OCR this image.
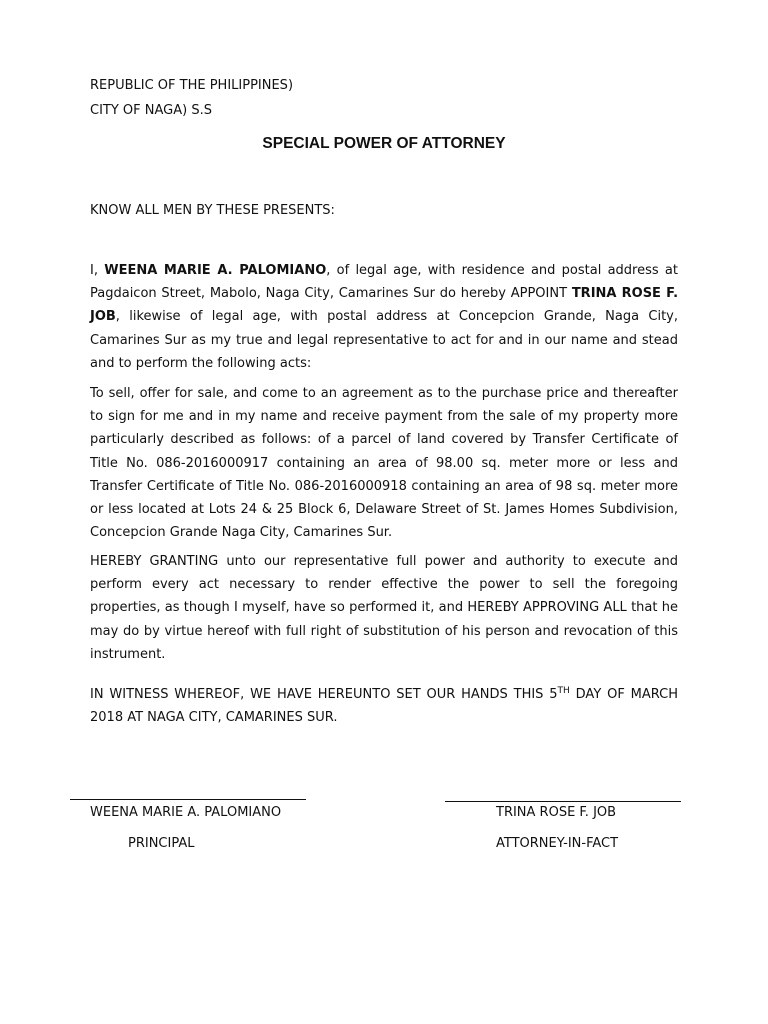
REPUBLIC OF THE PHILIPPINES)

CITY OF NAGA) S.S

SPECIAL POWER OF ATTORNEY

KNOW ALL MEN BY THESE PRESENTS:

I, WEENA MARIE A. PALOMIANO, of legal age, with residence and postal address at Pagdaicon Street, Mabolo, Naga City, Camarines Sur do hereby APPOINT TRINA ROSE F. JOB, likewise of legal age, with postal address at Concepcion Grande, Naga City, Camarines Sur as my true and legal representative to act for and in our name and stead and to perform the following acts:

To sell, offer for sale, and come to an agreement as to the purchase price and thereafter to sign for me and in my name and receive payment from the sale of my property more particularly described as follows: of a parcel of land covered by Transfer Certificate of Title No. 086-2016000917 containing an area of 98.00 sq. meter more or less and Transfer Certificate of Title No. 086-2016000918 containing an area of 98 sq. meter more or less located at Lots 24 & 25 Block 6, Delaware Street of St. James Homes Subdivision, Concepcion Grande Naga City, Camarines Sur.

HEREBY GRANTING unto our representative full power and authority to execute and perform every act necessary to render effective the power to sell the foregoing properties, as though I myself, have so performed it, and HEREBY APPROVING ALL that he may do by virtue hereof with full right of substitution of his person and revocation of this instrument.

IN WITNESS WHEREOF, WE HAVE HEREUNTO SET OUR HANDS THIS 5TH DAY OF MARCH 2018 AT NAGA CITY, CAMARINES SUR.

WEENA MARIE A. PALOMIANO	TRINA ROSE F. JOB

PRINCIPAL	ATTORNEY-IN-FACT
